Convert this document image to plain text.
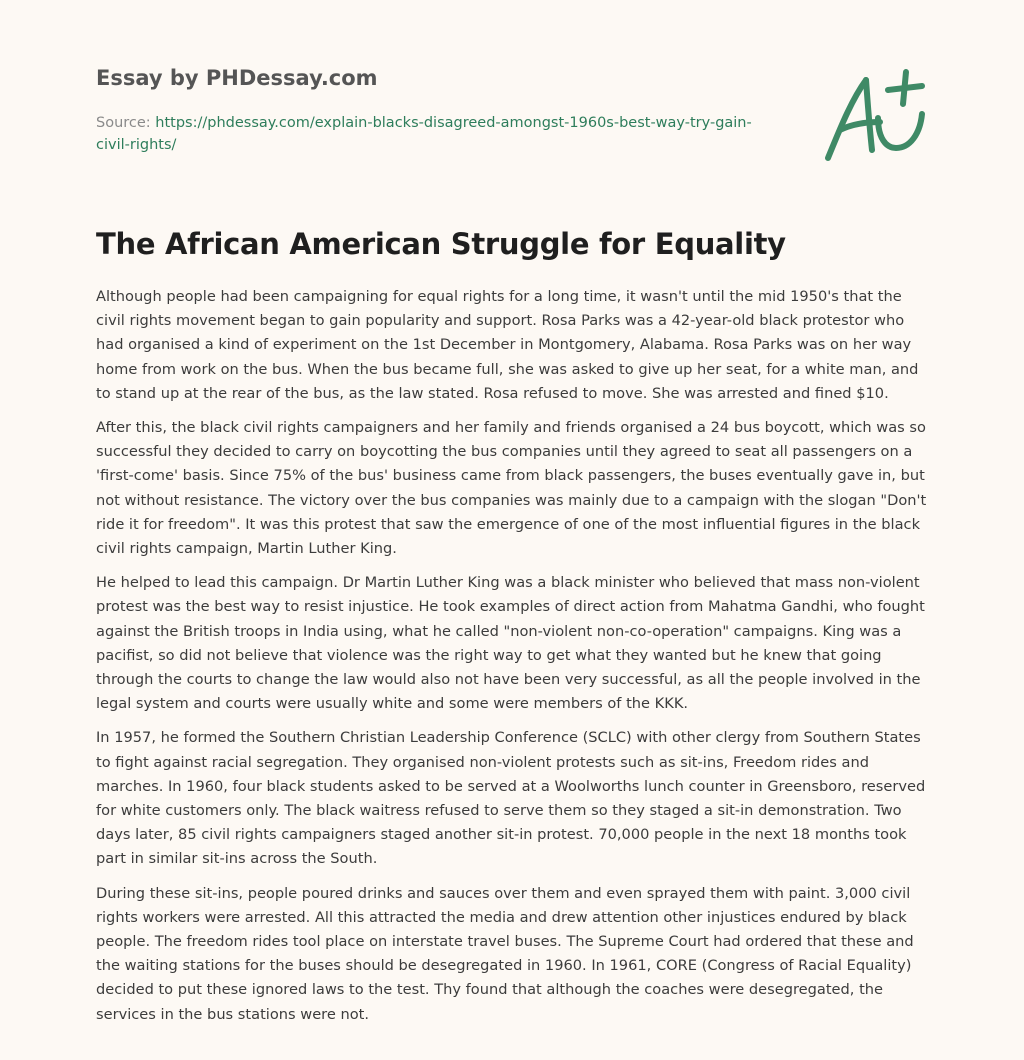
Essay by PHDessay.com
Source: https://phdessay.com/explain-blacks-disagreed-amongst-1960s-best-way-try-gain-civil-rights/
The African American Struggle for Equality

Although people had been campaigning for equal rights for a long time, it wasn't until the mid 1950's that the civil rights movement began to gain popularity and support. Rosa Parks was a 42-year-old black protestor who had organised a kind of experiment on the 1st December in Montgomery, Alabama. Rosa Parks was on her way home from work on the bus. When the bus became full, she was asked to give up her seat, for a white man, and to stand up at the rear of the bus, as the law stated. Rosa refused to move. She was arrested and fined $10.

After this, the black civil rights campaigners and her family and friends organised a 24 bus boycott, which was so successful they decided to carry on boycotting the bus companies until they agreed to seat all passengers on a 'first-come' basis. Since 75% of the bus' business came from black passengers, the buses eventually gave in, but not without resistance. The victory over the bus companies was mainly due to a campaign with the slogan "Don't ride it for freedom". It was this protest that saw the emergence of one of the most influential figures in the black civil rights campaign, Martin Luther King.

He helped to lead this campaign. Dr Martin Luther King was a black minister who believed that mass non-violent protest was the best way to resist injustice. He took examples of direct action from Mahatma Gandhi, who fought against the British troops in India using, what he called "non-violent non-co-operation" campaigns. King was a pacifist, so did not believe that violence was the right way to get what they wanted but he knew that going through the courts to change the law would also not have been very successful, as all the people involved in the legal system and courts were usually white and some were members of the KKK.

In 1957, he formed the Southern Christian Leadership Conference (SCLC) with other clergy from Southern States to fight against racial segregation. They organised non-violent protests such as sit-ins, Freedom rides and marches. In 1960, four black students asked to be served at a Woolworths lunch counter in Greensboro, reserved for white customers only. The black waitress refused to serve them so they staged a sit-in demonstration. Two days later, 85 civil rights campaigners staged another sit-in protest. 70,000 people in the next 18 months took part in similar sit-ins across the South.

During these sit-ins, people poured drinks and sauces over them and even sprayed them with paint. 3,000 civil rights workers were arrested. All this attracted the media and drew attention other injustices endured by black people. The freedom rides tool place on interstate travel buses. The Supreme Court had ordered that these and the waiting stations for the buses should be desegregated in 1960. In 1961, CORE (Congress of Racial Equality) decided to put these ignored laws to the test. Thy found that although the coaches were desegregated, the services in the bus stations were not.
